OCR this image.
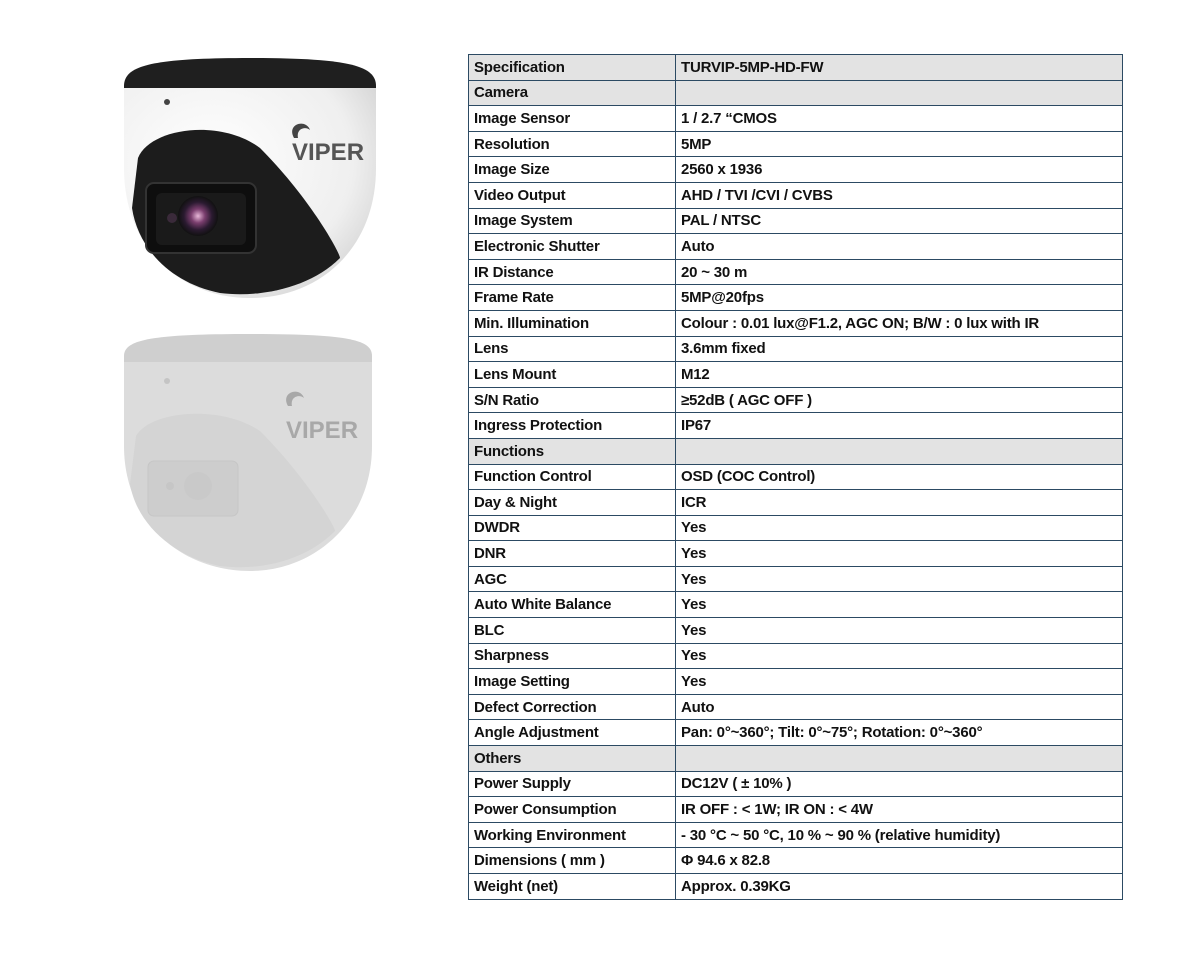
VIPER
VIPER
Specification	TURVIP-5MP-HD-FW
Camera	
Image Sensor	1 / 2.7 “CMOS
Resolution	5MP
Image Size	2560 x 1936
Video Output	AHD / TVI /CVI / CVBS
Image System	PAL / NTSC
Electronic Shutter	Auto
IR Distance	20 ~ 30 m
Frame Rate	5MP@20fps
Min. Illumination	Colour : 0.01 lux@F1.2, AGC ON; B/W : 0 lux with IR
Lens	3.6mm fixed
Lens Mount	M12
S/N Ratio	≥52dB ( AGC OFF )
Ingress Protection	IP67
Functions	
Function Control	OSD (COC Control)
Day & Night	ICR
DWDR	Yes
DNR	Yes
AGC	Yes
Auto White Balance	Yes
BLC	Yes
Sharpness	Yes
Image Setting	Yes
Defect Correction	Auto
Angle Adjustment	Pan: 0°~360°; Tilt: 0°~75°; Rotation: 0°~360°
Others	
Power Supply	DC12V ( ± 10% )
Power Consumption	IR OFF : < 1W; IR ON : < 4W
Working Environment	- 30 °C ~ 50 °C, 10 % ~ 90 % (relative humidity)
Dimensions ( mm )	Φ 94.6 x 82.8
Weight (net)	Approx. 0.39KG
